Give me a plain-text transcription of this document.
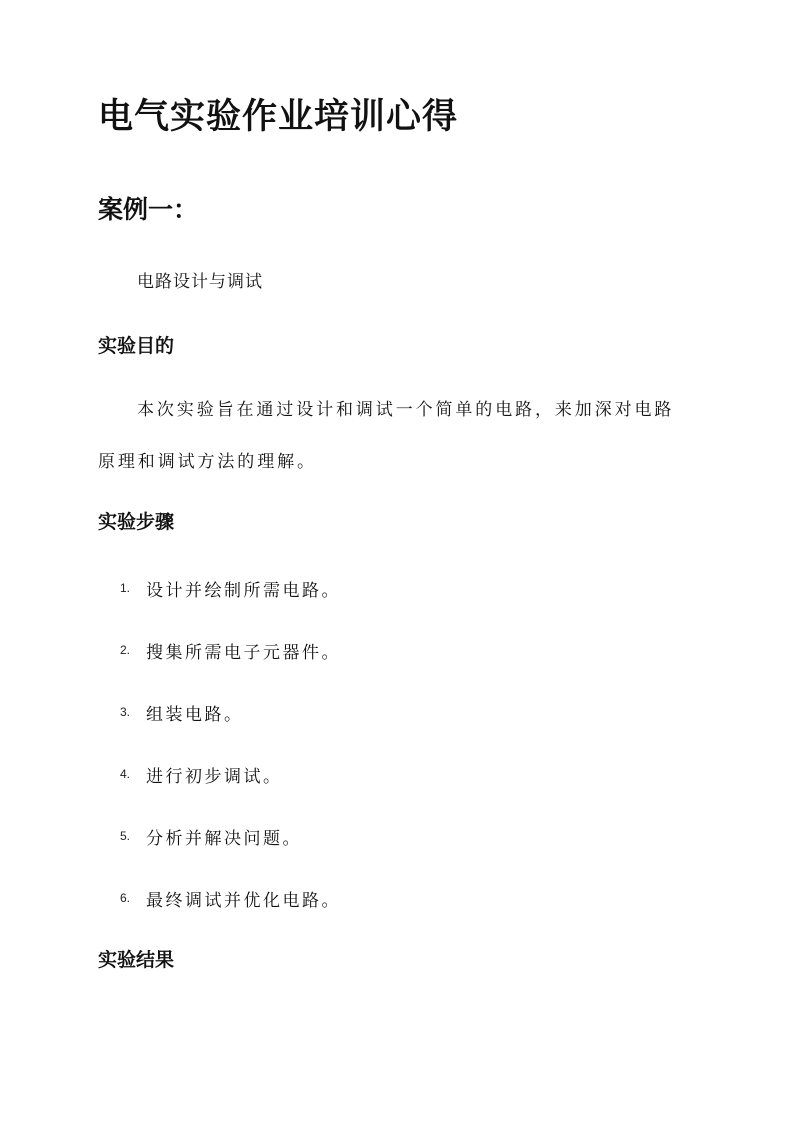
电气实验作业培训心得
案例一：
电路设计与调试
实验目的
本次实验旨在通过设计和调试一个简单的电路，来加深对电路
原理和调试方法的理解。
实验步骤
1. 设计并绘制所需电路。
2. 搜集所需电子元器件。
3. 组装电路。
4. 进行初步调试。
5. 分析并解决问题。
6. 最终调试并优化电路。
实验结果
